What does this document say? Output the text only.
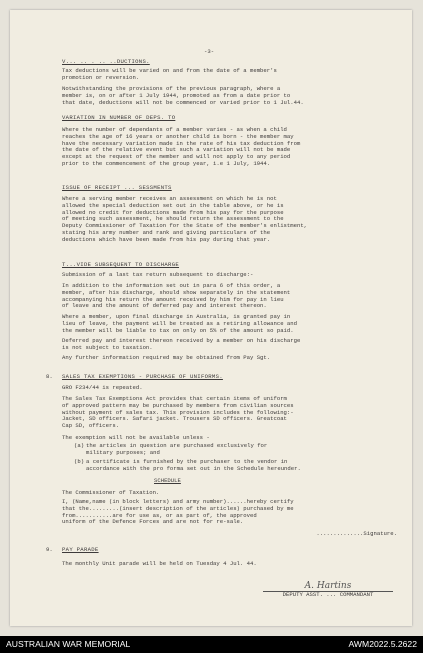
-3-
V... .. . .. ..DUCTIONS.
Tax deductions will be varied on and from the date of a member's
promotion or reversion.
Notwithstanding the provisions of the previous paragraph, where a
member is, on or after 1 July 1944, promoted as from a date prior to
that date, deductions will not be commenced or varied prior to 1 Jul.44.
VARIATION IN NUMBER OF DEPS. TO
Where the number of dependants of a member varies - as when a child
reaches the age of 16 years or another child is born - the member may
have the necessary variation made in the rate of his tax deduction from
the date of the relative event but such a variation will not be made
except at the request of the member and will not apply to any period
prior to the commencement of the group year, i.e 1 July, 1944.
ISSUE OF RECEIPT ... SESSMENTS
Where a serving member receives an assessment on which he is not
allowed the special deduction set out in the table above, or he is
allowed no credit for deductions made from his pay for the purpose
of meeting such assessment, he should return the assessment to the
Deputy Commissioner of Taxation for the State of the member's enlistment,
stating his army number and rank and giving particulars of the
deductions which have been made from his pay during that year.
T...VIDE SUBSEQUENT TO DISCHARGE
Submission of a last tax return subsequent to discharge:-
In addition to the information set out in para 6 of this order, a
member, after his discharge, should show separately in the statement
accompanying his return the amount received by him for pay in lieu
of leave and the amount of deferred pay and interest thereon.
Where a member, upon final discharge in Australia, is granted pay in
lieu of leave, the payment will be treated as a retiring allowance and
the member will be liable to tax on only on 5% of the amount so paid.
Deferred pay and interest thereon received by a member on his discharge
is not subject to taxation.
Any further information required may be obtained from Pay Sgt.
8. SALES TAX EXEMPTIONS - PURCHASE OF UNIFORMS.
GRO F234/44 is repeated.
The Sales Tax Exemptions Act provides that certain items of uniform
of approved pattern may be purchased by members from civilian sources
without payment of sales tax. This provision includes the following:-
Jacket, SD officers. Safari jacket. Trousers SD officers. Greatcoat
Cap SD, officers.
The exemption will not be available unless -
(a) the articles in question are purchased exclusively for
military purposes; and
(b) a certificate is furnished by the purchaser to the vendor in
accordance with the pro forma set out in the Schedule hereunder.
SCHEDULE
The Commissioner of Taxation.
I, (Name,name (in block letters) and army number)......hereby certify
that the.........(insert description of the articles) purchased by me
from...........are for use as, or as part of, the approved
uniform of the Defence Forces and are not for re-sale.
..............Signature.
9. PAY PARADE
The monthly Unit parade will be held on Tuesday 4 Jul. 44.
A. Hartins
DEPUTY ASST. ... COMMANDANT
AUSTRALIAN WAR MEMORIAL	AWM2022.5.2622
